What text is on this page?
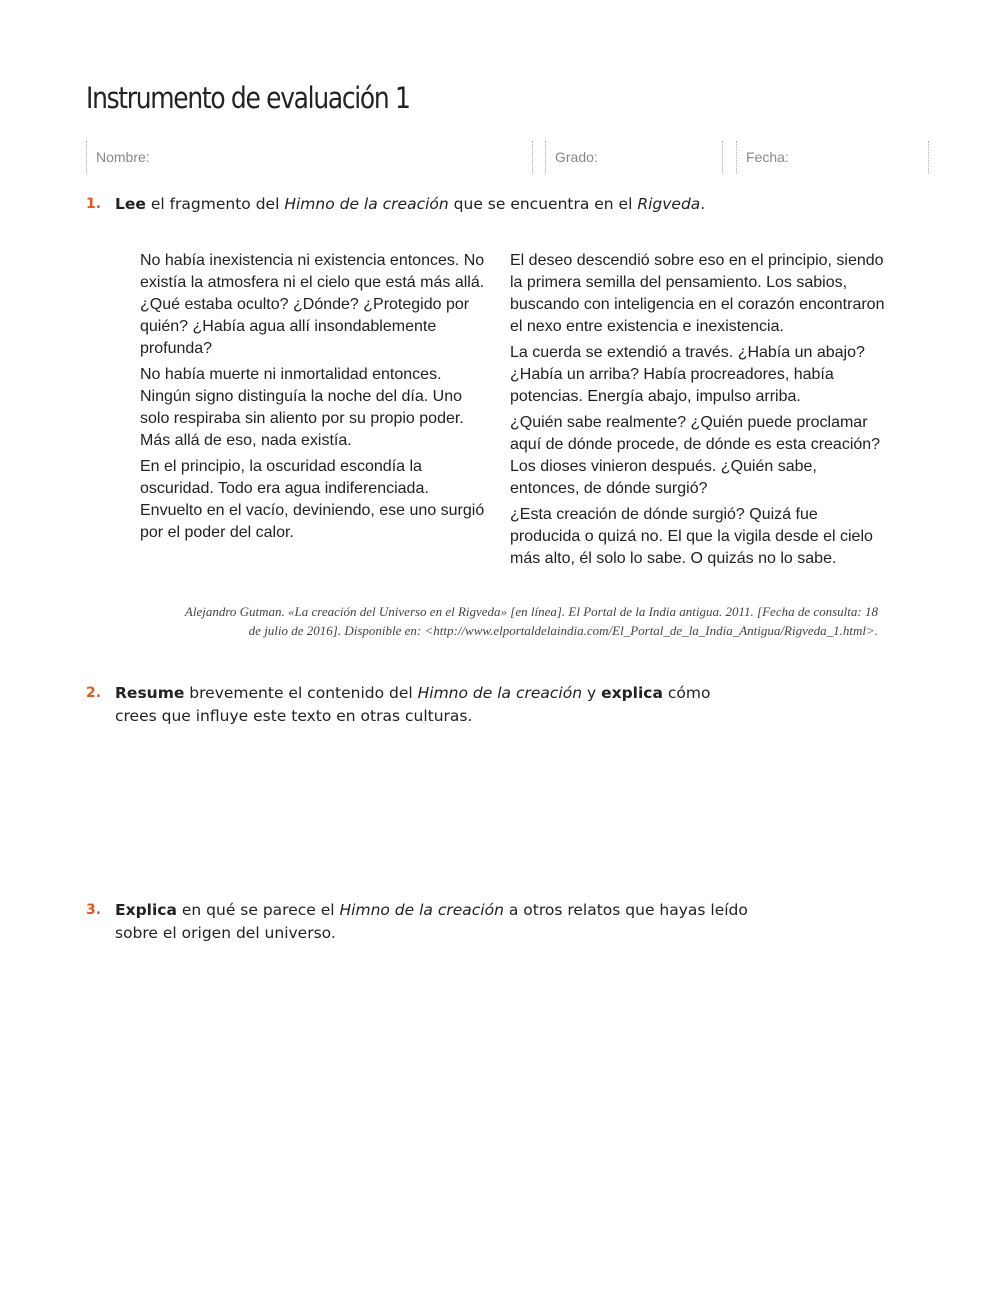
Instrumento de evaluación 1
Nombre:	Grado:	Fecha:
1. Lee el fragmento del Himno de la creación que se encuentra en el Rigveda.

No había inexistencia ni existencia entonces. No existía la atmosfera ni el cielo que está más allá. ¿Qué estaba oculto? ¿Dónde? ¿Protegido por quién? ¿Había agua allí insondablemente profunda?

No había muerte ni inmortalidad entonces. Ningún signo distinguía la noche del día. Uno solo respiraba sin aliento por su propio poder. Más allá de eso, nada existía.

En el principio, la oscuridad escondía la oscuridad. Todo era agua indiferenciada. Envuelto en el vacío, deviniendo, ese uno surgió por el poder del calor.

El deseo descendió sobre eso en el principio, siendo la primera semilla del pensamiento. Los sabios, buscando con inteligencia en el corazón encontraron el nexo entre existencia e inexistencia.

La cuerda se extendió a través. ¿Había un abajo? ¿Había un arriba? Había procreadores, había potencias. Energía abajo, impulso arriba.

¿Quién sabe realmente? ¿Quién puede proclamar aquí de dónde procede, de dónde es esta creación? Los dioses vinieron después. ¿Quién sabe, entonces, de dónde surgió?

¿Esta creación de dónde surgió? Quizá fue producida o quizá no. El que la vigila desde el cielo más alto, él solo lo sabe. O quizás no lo sabe.

Alejandro Gutman. «La creación del Universo en el Rigveda» [en línea]. El Portal de la India antigua. 2011. [Fecha de consulta: 18
de julio de 2016]. Disponible en: <http://www.elportaldelaindia.com/El_Portal_de_la_India_Antigua/Rigveda_1.html>.
2. Resume brevemente el contenido del Himno de la creación y explica cómo crees que influye este texto en otras culturas.
3. Explica en qué se parece el Himno de la creación a otros relatos que hayas leído sobre el origen del universo.
